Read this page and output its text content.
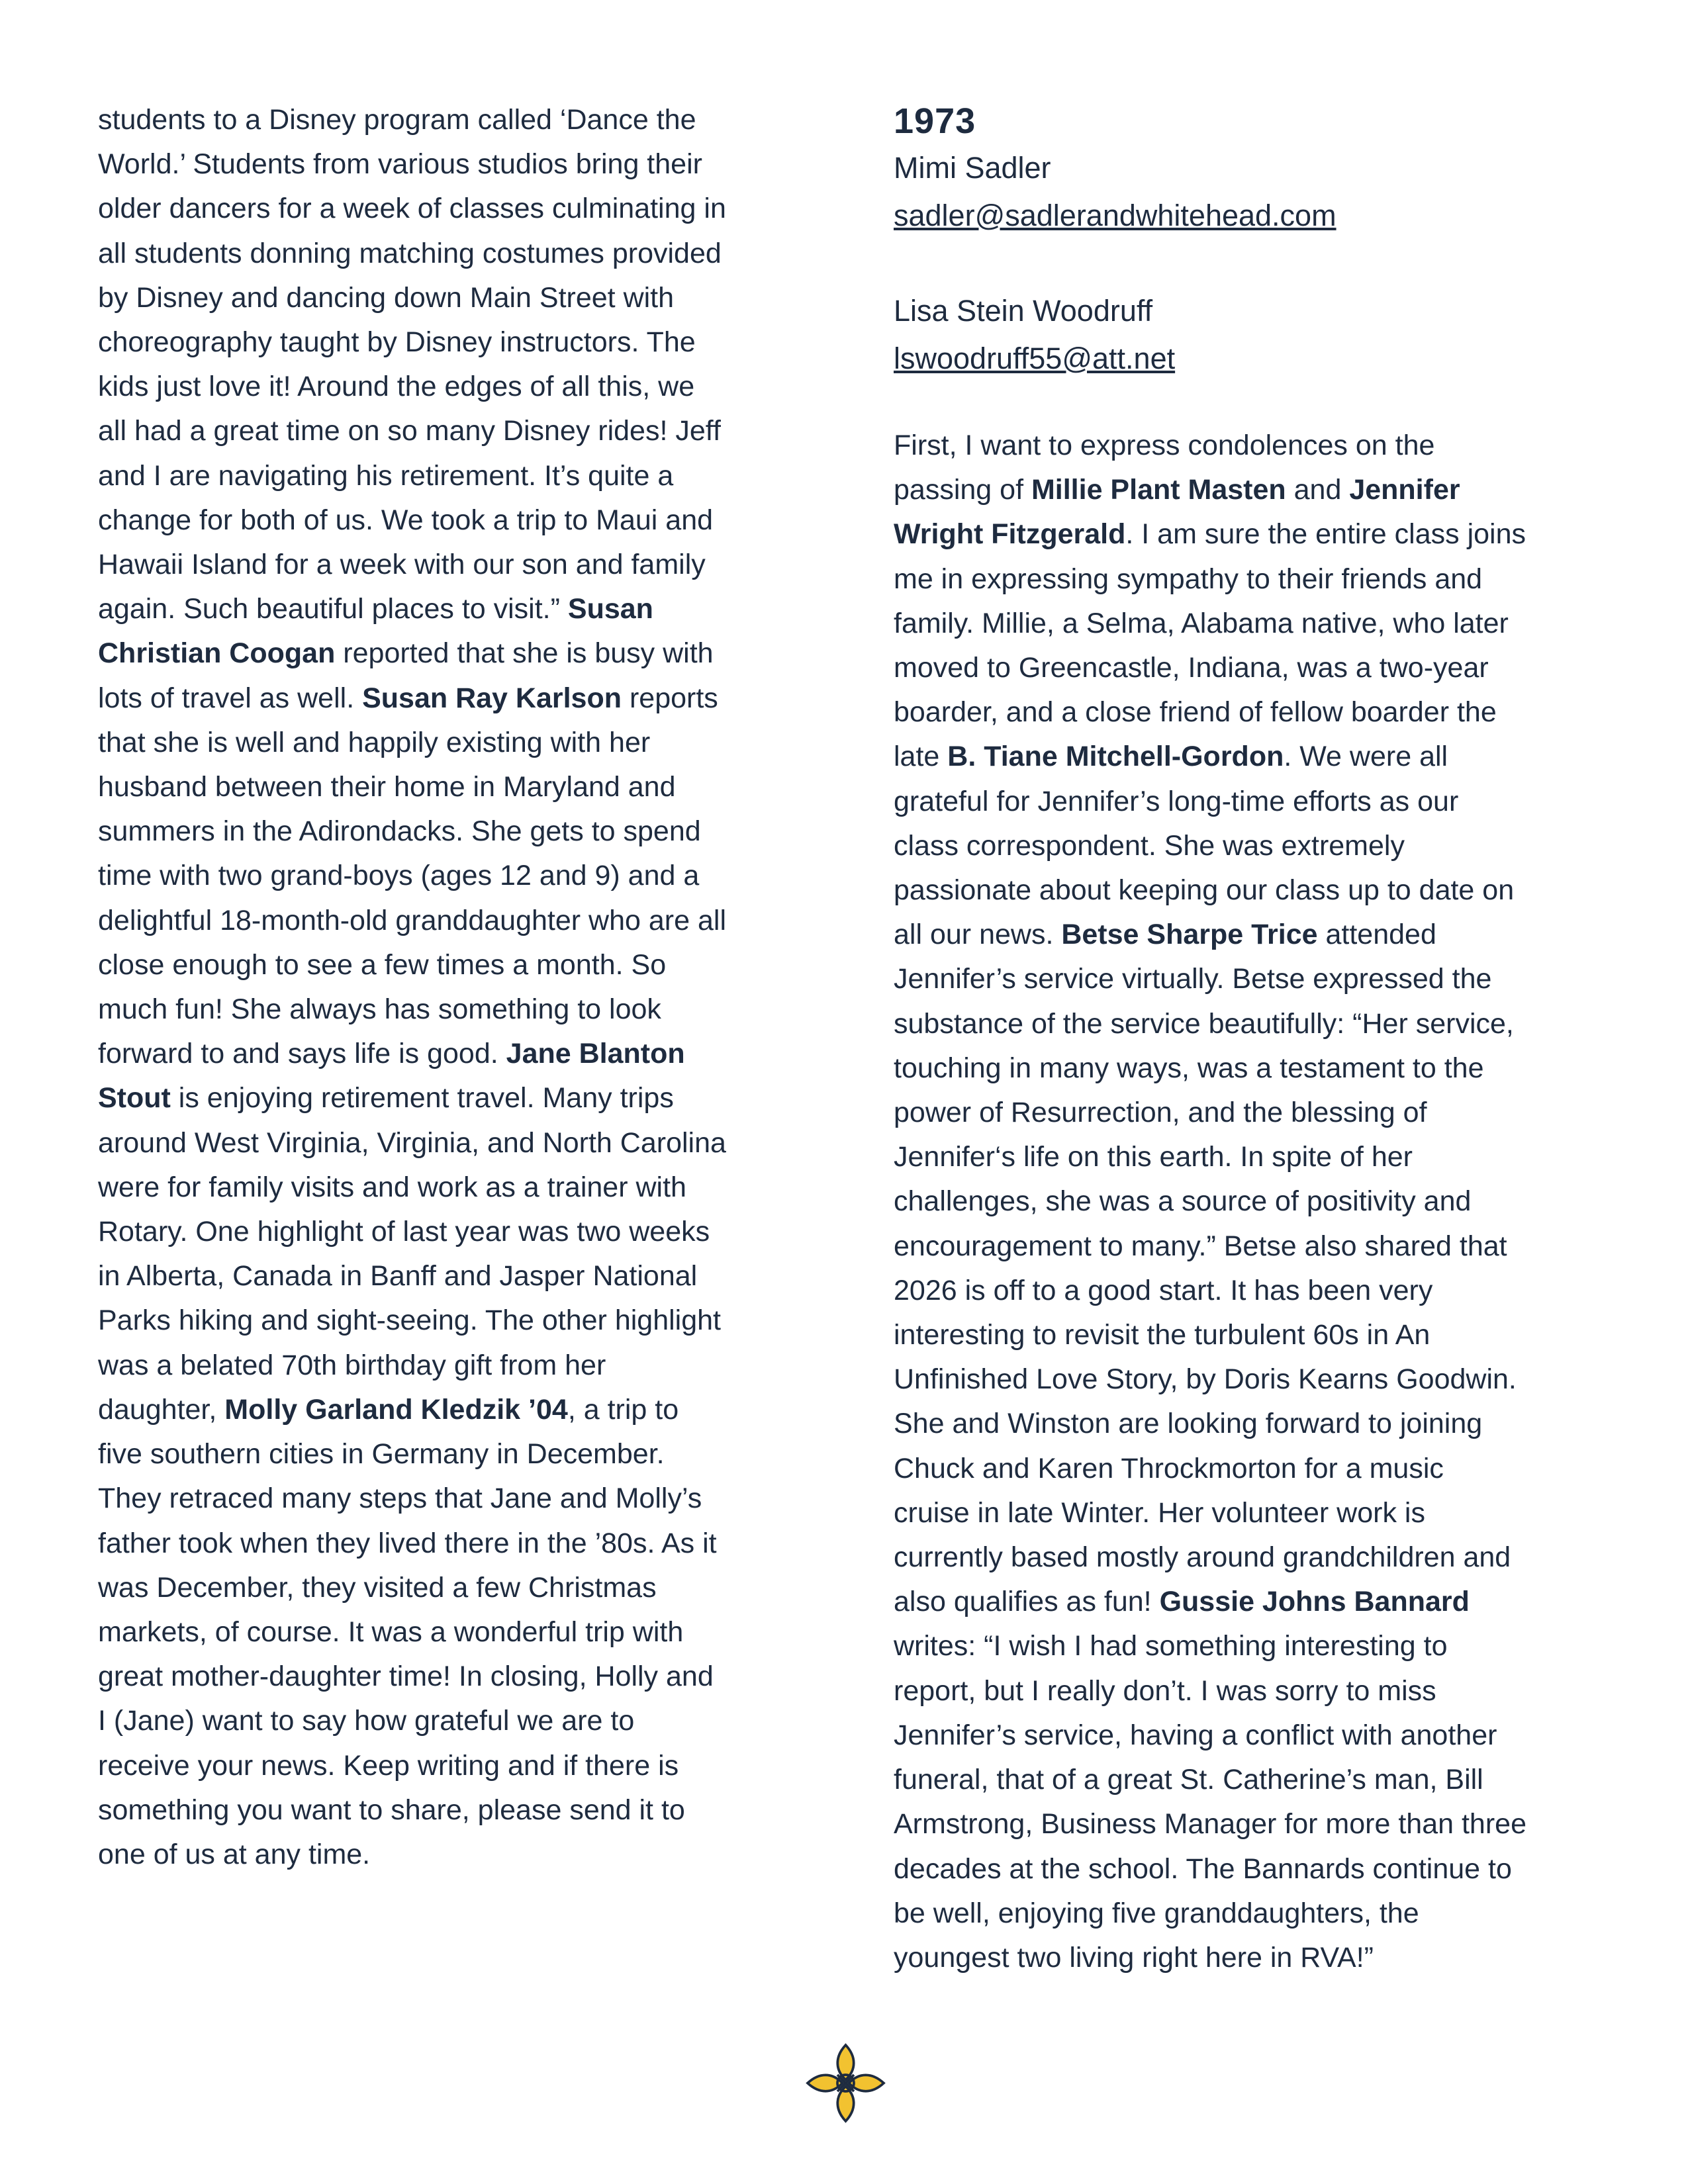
students to a Disney program called ‘Dance the

World.’ Students from various studios bring their

older dancers for a week of classes culminating in

all students donning matching costumes provided

by Disney and dancing down Main Street with

choreography taught by Disney instructors. The

kids just love it! Around the edges of all this, we

all had a great time on so many Disney rides! Jeff

and I are navigating his retirement. It’s quite a

change for both of us. We took a trip to Maui and

Hawaii Island for a week with our son and family

again. Such beautiful places to visit.” Susan

Christian Coogan reported that she is busy with

lots of travel as well. Susan Ray Karlson reports

that she is well and happily existing with her

husband between their home in Maryland and

summers in the Adirondacks. She gets to spend

time with two grand-boys (ages 12 and 9) and a

delightful 18-month-old granddaughter who are all

close enough to see a few times a month. So

much fun! She always has something to look

forward to and says life is good. Jane Blanton

Stout is enjoying retirement travel. Many trips

around West Virginia, Virginia, and North Carolina

were for family visits and work as a trainer with

Rotary. One highlight of last year was two weeks

in Alberta, Canada in Banff and Jasper National

Parks hiking and sight-seeing. The other highlight

was a belated 70th birthday gift from her

daughter, Molly Garland Kledzik ’04, a trip to

five southern cities in Germany in December.

They retraced many steps that Jane and Molly’s

father took when they lived there in the ’80s. As it

was December, they visited a few Christmas

markets, of course. It was a wonderful trip with

great mother-daughter time! In closing, Holly and

I (Jane) want to say how grateful we are to

receive your news. Keep writing and if there is

something you want to share, please send it to

one of us at any time.

1973

Mimi Sadler

sadler@sadlerandwhitehead.com

Lisa Stein Woodruff

lswoodruff55@att.net

First, I want to express condolences on the

passing of Millie Plant Masten and Jennifer

Wright Fitzgerald. I am sure the entire class joins

me in expressing sympathy to their friends and

family. Millie, a Selma, Alabama native, who later

moved to Greencastle, Indiana, was a two-year

boarder, and a close friend of fellow boarder the

late B. Tiane Mitchell-Gordon. We were all

grateful for Jennifer’s long-time efforts as our

class correspondent. She was extremely

passionate about keeping our class up to date on

all our news. Betse Sharpe Trice attended

Jennifer’s service virtually. Betse expressed the

substance of the service beautifully: “Her service,

touching in many ways, was a testament to the

power of Resurrection, and the blessing of

Jennifer‘s life on this earth. In spite of her

challenges, she was a source of positivity and

encouragement to many.” Betse also shared that

2026 is off to a good start. It has been very

interesting to revisit the turbulent 60s in An

Unfinished Love Story, by Doris Kearns Goodwin.

She and Winston are looking forward to joining

Chuck and Karen Throckmorton for a music

cruise in late Winter. Her volunteer work is

currently based mostly around grandchildren and

also qualifies as fun! Gussie Johns Bannard

writes: “I wish I had something interesting to

report, but I really don’t. I was sorry to miss

Jennifer’s service, having a conflict with another

funeral, that of a great St. Catherine’s man, Bill

Armstrong, Business Manager for more than three

decades at the school. The Bannards continue to

be well, enjoying five granddaughters, the

youngest two living right here in RVA!”
